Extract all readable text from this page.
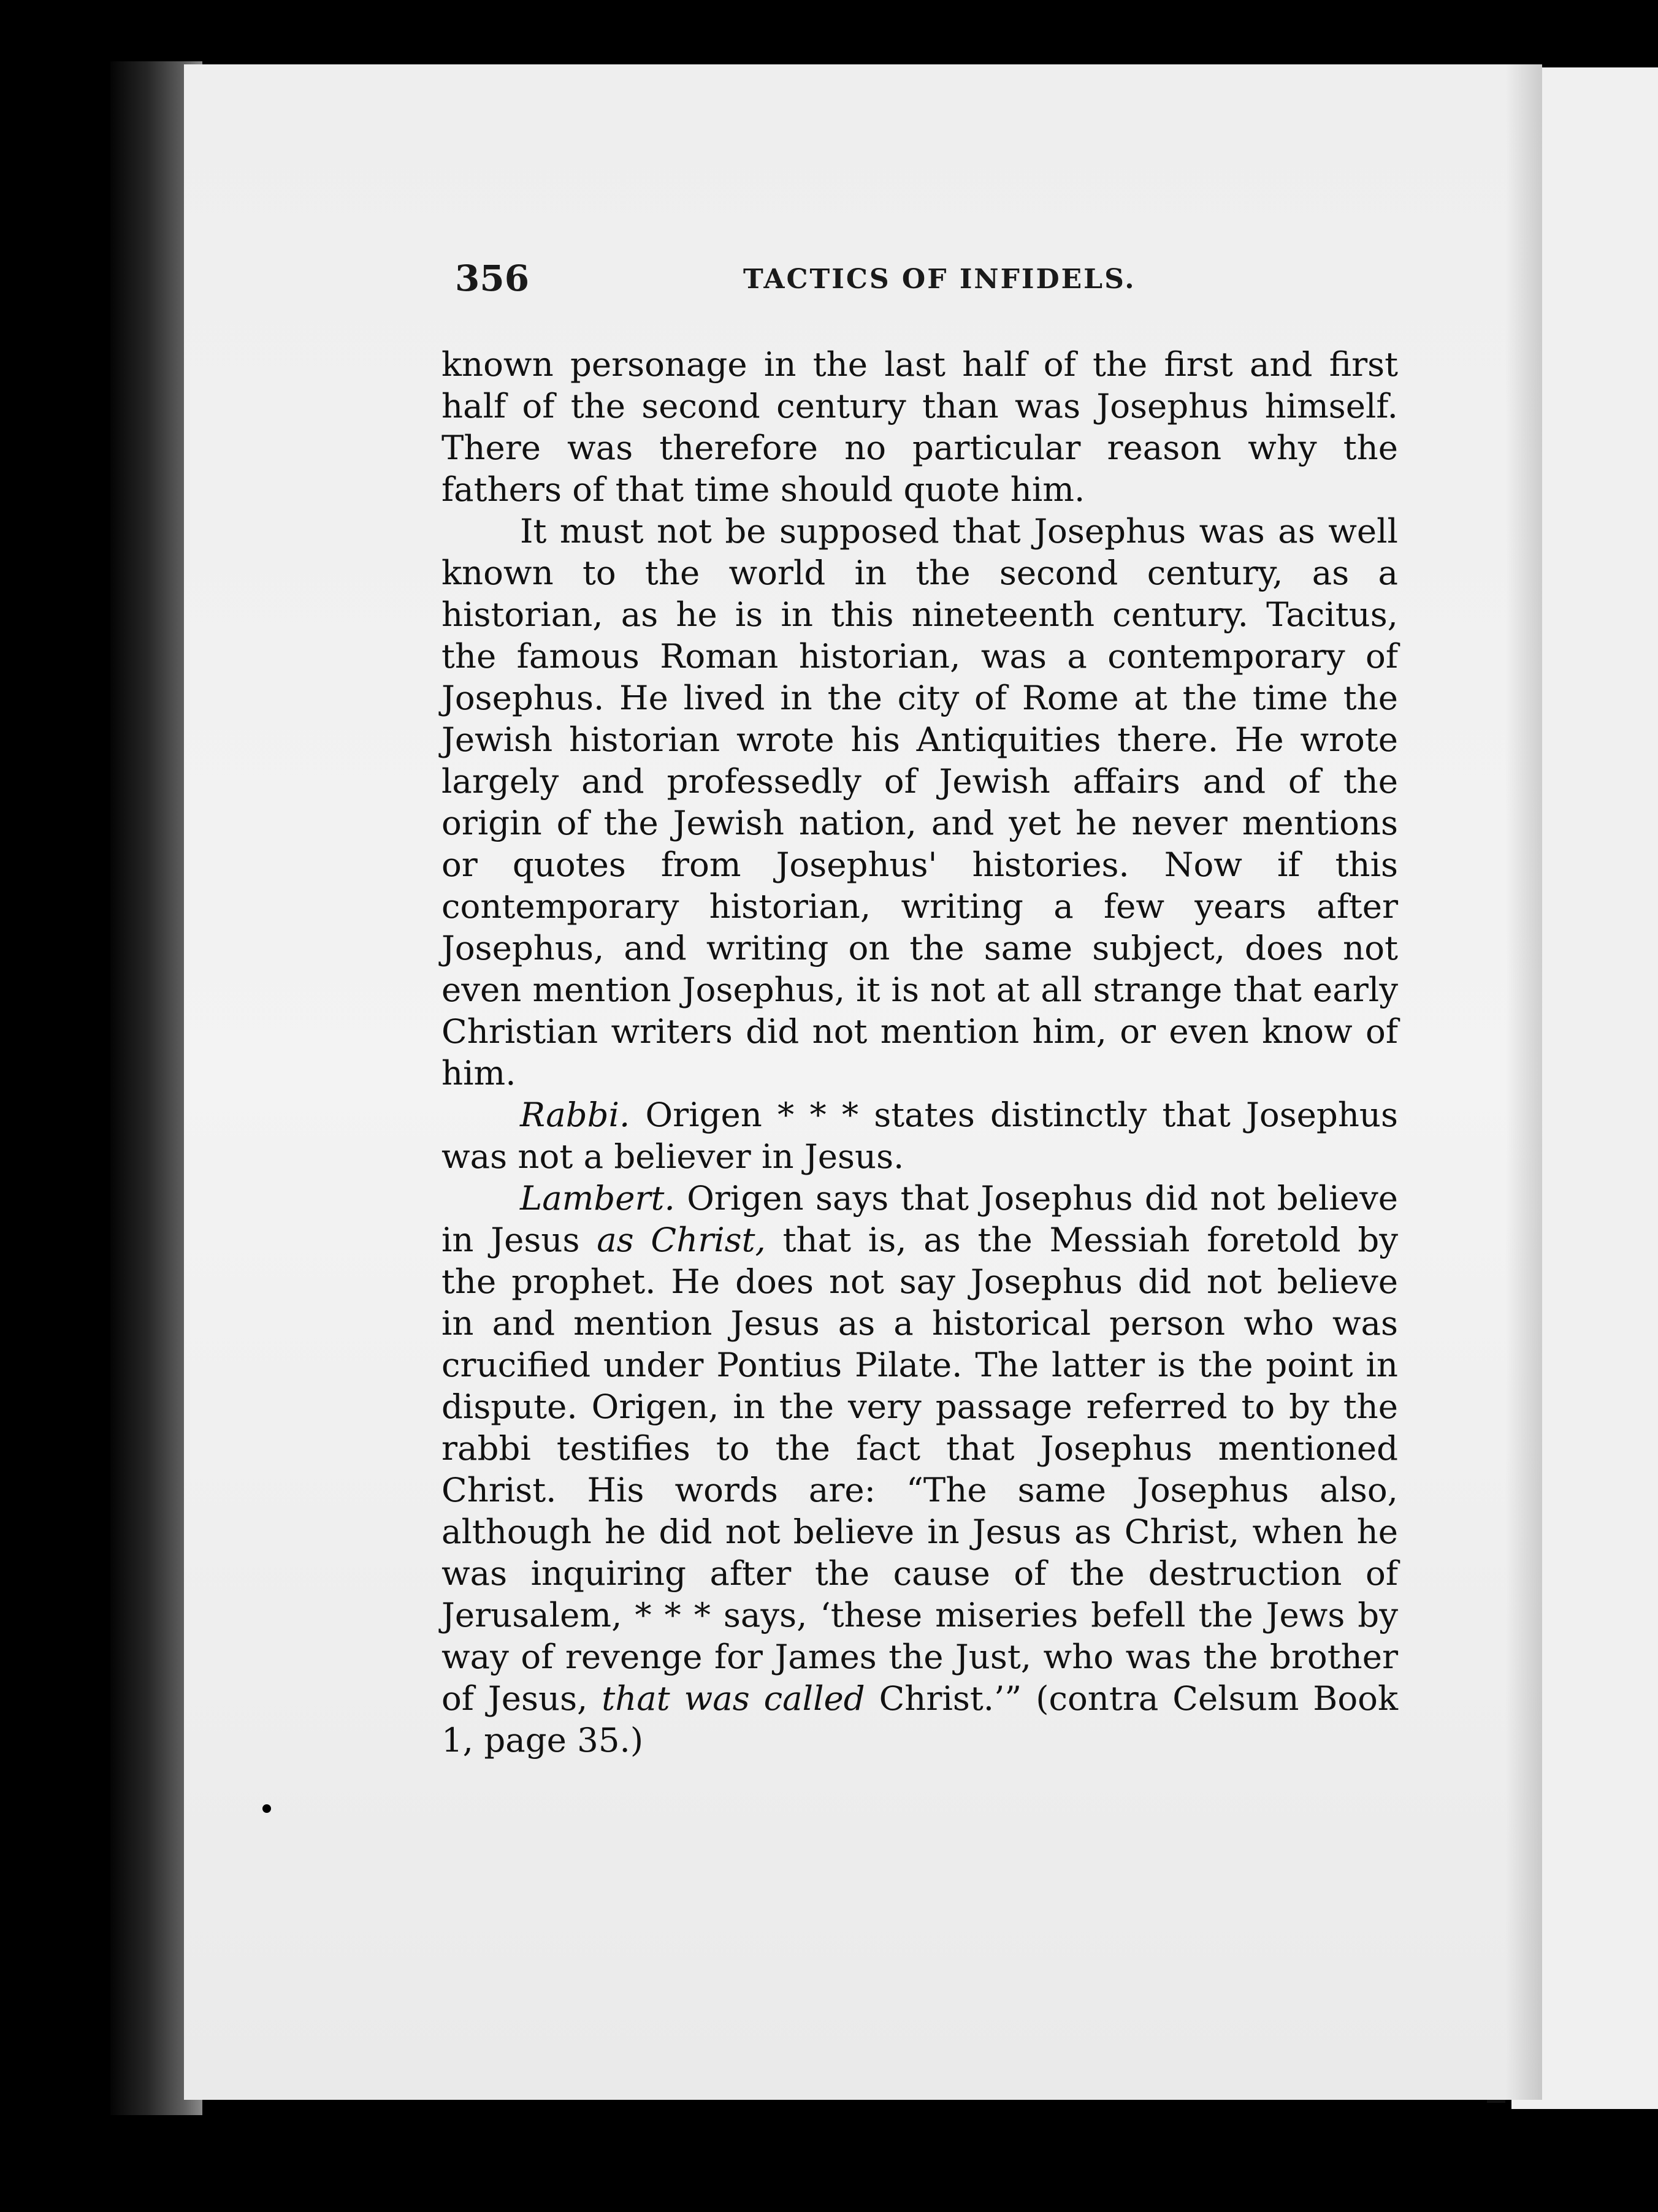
356	TACTICS OF INFIDELS.

known personage in the last half of the first and first half of the second century than was Josephus himself. There was therefore no particular reason why the fathers of that time should quote him.

It must not be supposed that Josephus was as well known to the world in the second century, as a historian, as he is in this nineteenth century. Tacitus, the famous Roman historian, was a contemporary of Josephus. He lived in the city of Rome at the time the Jewish historian wrote his Antiquities there. He wrote largely and professedly of Jewish affairs and of the origin of the Jewish nation, and yet he never mentions or quotes from Josephus' histories. Now if this contemporary historian, writing a few years after Josephus, and writing on the same subject, does not even mention Josephus, it is not at all strange that early Christian writers did not mention him, or even know of him.

Rabbi. Origen * * * states distinctly that Josephus was not a believer in Jesus.

Lambert. Origen says that Josephus did not believe in Jesus as Christ, that is, as the Messiah foretold by the prophet. He does not say Josephus did not believe in and mention Jesus as a historical person who was crucified under Pontius Pilate. The latter is the point in dispute. Origen, in the very passage referred to by the rabbi testifies to the fact that Josephus mentioned Christ. His words are: “The same Josephus also, although he did not believe in Jesus as Christ, when he was inquiring after the cause of the destruction of Jerusalem, * * * says, ‘these miseries befell the Jews by way of revenge for James the Just, who was the brother of Jesus, that was called Christ.’” (contra Celsum Book 1, page 35.)
